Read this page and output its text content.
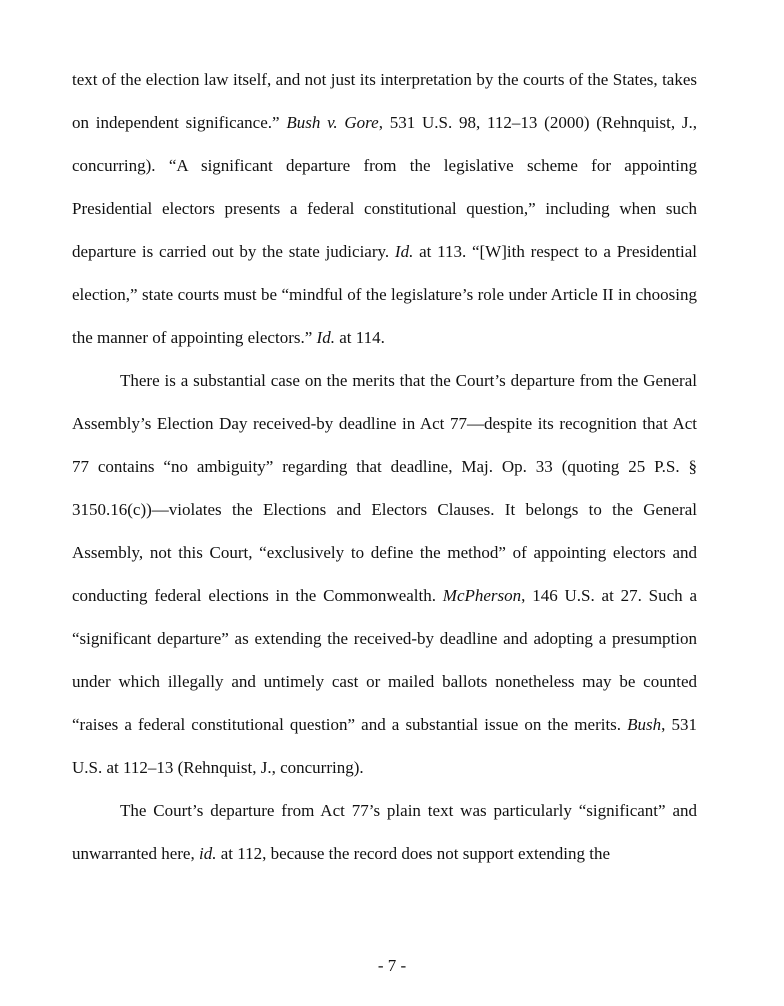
text of the election law itself, and not just its interpretation by the courts of the States, takes on independent significance.” Bush v. Gore, 531 U.S. 98, 112–13 (2000) (Rehnquist, J., concurring). “A significant departure from the legislative scheme for appointing Presidential electors presents a federal constitutional question,” including when such departure is carried out by the state judiciary. Id. at 113. “[W]ith respect to a Presidential election,” state courts must be “mindful of the legislature’s role under Article II in choosing the manner of appointing electors.” Id. at 114.

There is a substantial case on the merits that the Court’s departure from the General Assembly’s Election Day received-by deadline in Act 77—despite its recognition that Act 77 contains “no ambiguity” regarding that deadline, Maj. Op. 33 (quoting 25 P.S. § 3150.16(c))—violates the Elections and Electors Clauses. It belongs to the General Assembly, not this Court, “exclusively to define the method” of appointing electors and conducting federal elections in the Commonwealth. McPherson, 146 U.S. at 27. Such a “significant departure” as extending the received-by deadline and adopting a presumption under which illegally and untimely cast or mailed ballots nonetheless may be counted “raises a federal constitutional question” and a substantial issue on the merits. Bush, 531 U.S. at 112–13 (Rehnquist, J., concurring).

The Court’s departure from Act 77’s plain text was particularly “significant” and unwarranted here, id. at 112, because the record does not support extending the

- 7 -
